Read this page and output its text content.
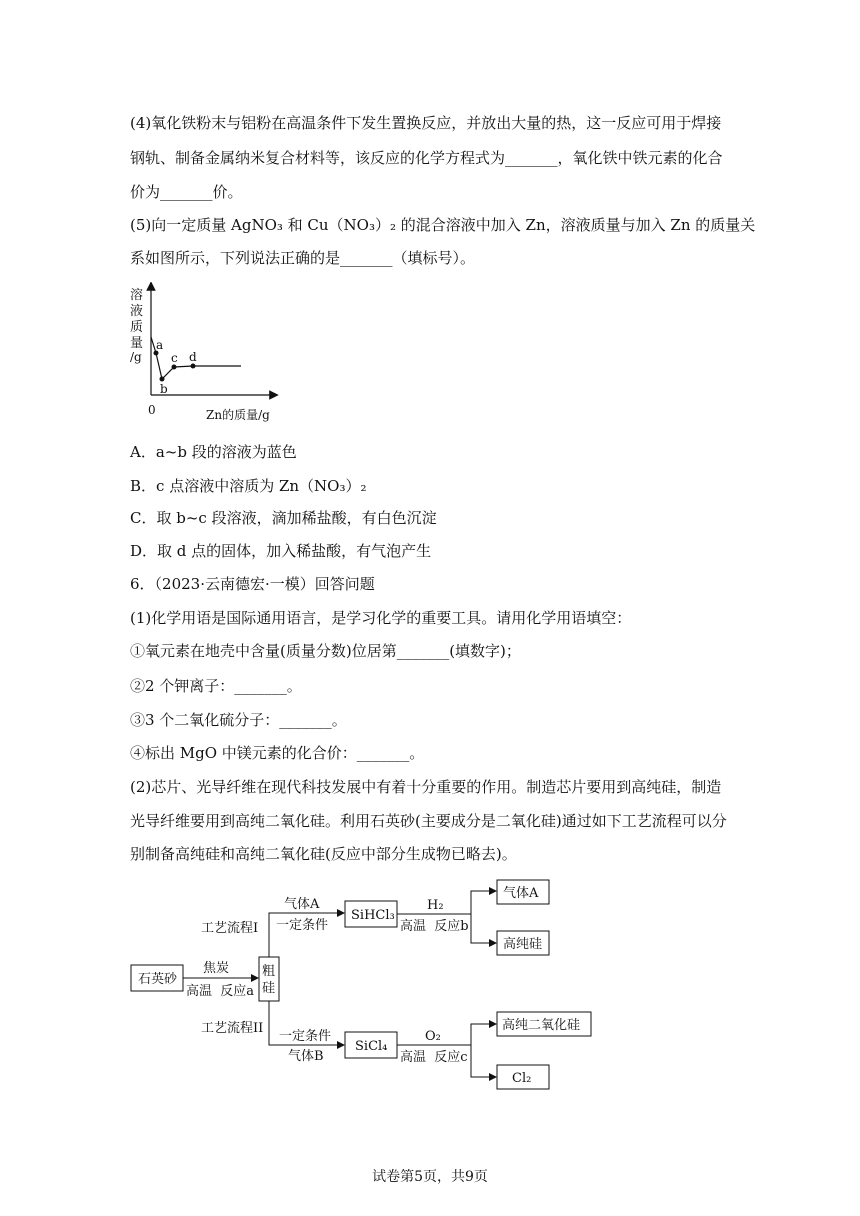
(4)氧化铁粉末与铝粉在高温条件下发生置换反应，并放出大量的热，这一反应可用于焊接
钢轨、制备金属纳米复合材料等，该反应的化学方程式为_______，氧化铁中铁元素的化合
价为_______价。
(5)向一定质量 AgNO₃ 和 Cu（NO₃）₂ 的混合溶液中加入 Zn，溶液质量与加入 Zn 的质量关
系如图所示，下列说法正确的是_______（填标号）。
溶
液
质
量
/g
0	Zn的质量/g
a
b
c d
A．a~b 段的溶液为蓝色
B．c 点溶液中溶质为 Zn（NO₃）₂
C．取 b~c 段溶液，滴加稀盐酸，有白色沉淀
D．取 d 点的固体，加入稀盐酸，有气泡产生
6．（2023·云南德宏·一模）回答问题
(1)化学用语是国际通用语言，是学习化学的重要工具。请用化学用语填空：
①氧元素在地壳中含量(质量分数)位居第_______(填数字)；
②2 个钾离子：_______。
③3 个二氧化硫分子：_______。
④标出 MgO 中镁元素的化合价：_______。
(2)芯片、光导纤维在现代科技发展中有着十分重要的作用。制造芯片要用到高纯硅，制造
光导纤维要用到高纯二氧化硅。利用石英砂(主要成分是二氧化硅)通过如下工艺流程可以分
别制备高纯硅和高纯二氧化硅(反应中部分生成物已略去)。
石英砂
焦炭
高温  反应a
粗
硅
工艺流程I
工艺流程II
气体A
一定条件
一定条件
气体B
SiHCl₃
SiCl₄
H₂
高温  反应b
O₂
高温  反应c
气体A
高纯硅
高纯二氧化硅
Cl₂
试卷第5页，共9页
